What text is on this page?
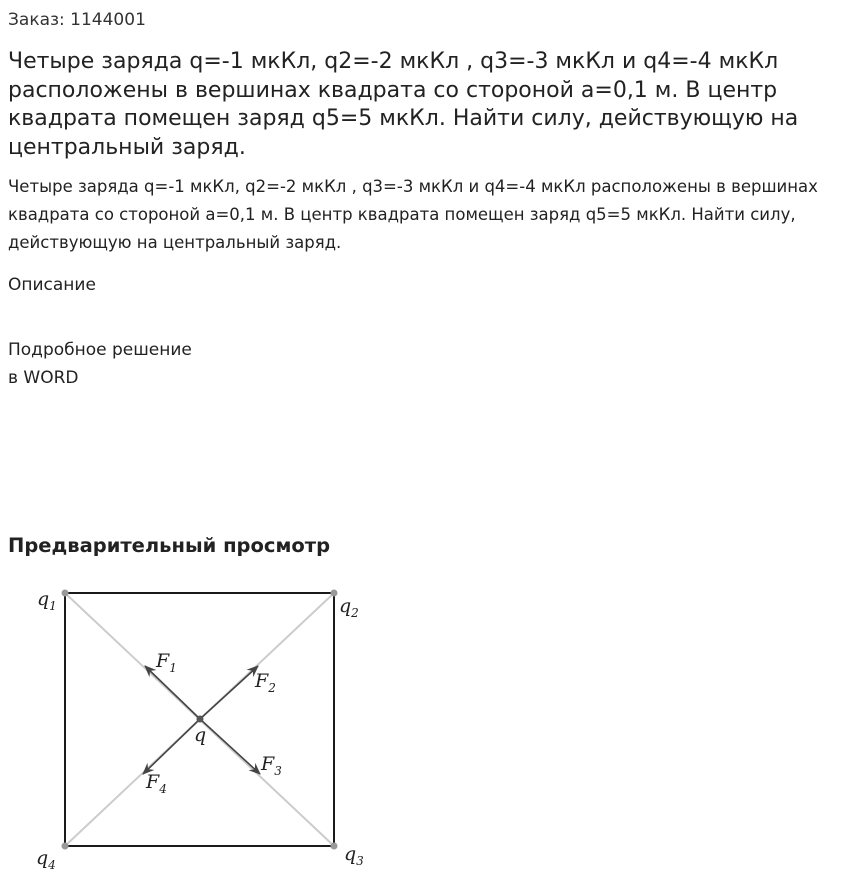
Заказ: 1144001
Четыре заряда q=-1 мкКл, q2=-2 мкКл , q3=-3 мкКл и q4=-4 мкКл расположены в вершинах квадрата со стороной a=0,1 м. В центр квадрата помещен заряд q5=5 мкКл. Найти силу, действующую на центральный заряд.

Четыре заряда q=-1 мкКл, q2=-2 мкКл , q3=-3 мкКл и q4=-4 мкКл расположены в вершинах квадрата со стороной a=0,1 м. В центр квадрата помещен заряд q5=5 мкКл. Найти силу, действующую на центральный заряд.

Описание
Подробное решение
в WORD
Предварительный просмотр
$q_1$	$q_2$
$q_3$
$q_4$
q
$F_1$
$F_2$
$F_3$
$F_4$
